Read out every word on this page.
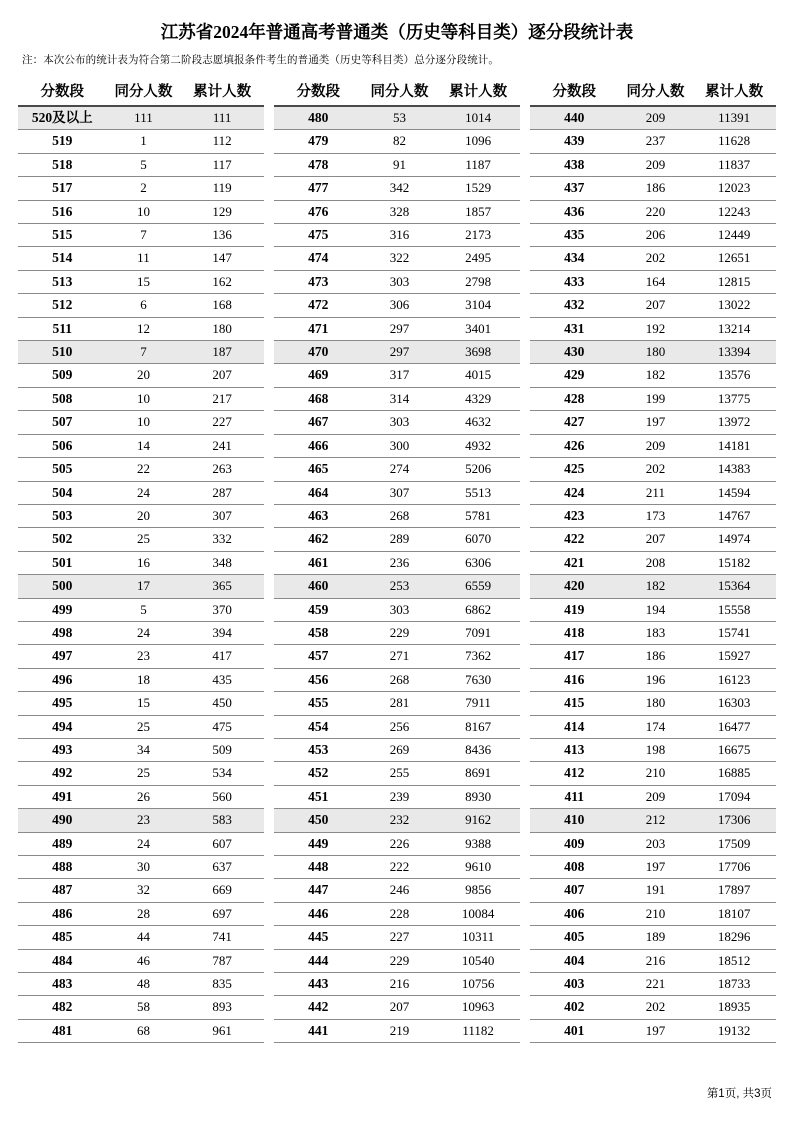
江苏省2024年普通高考普通类（历史等科目类）逐分段统计表

注：本次公布的统计表为符合第二阶段志愿填报条件考生的普通类（历史等科目类）总分逐分段统计。

分数段	同分人数	累计人数
520及以上	111	111
519	1	112
518	5	117
517	2	119
516	10	129
515	7	136
514	11	147
513	15	162
512	6	168
511	12	180
510	7	187
509	20	207
508	10	217
507	10	227
506	14	241
505	22	263
504	24	287
503	20	307
502	25	332
501	16	348
500	17	365
499	5	370
498	24	394
497	23	417
496	18	435
495	15	450
494	25	475
493	34	509
492	25	534
491	26	560
490	23	583
489	24	607
488	30	637
487	32	669
486	28	697
485	44	741
484	46	787
483	48	835
482	58	893
481	68	961
分数段	同分人数	累计人数
480	53	1014
479	82	1096
478	91	1187
477	342	1529
476	328	1857
475	316	2173
474	322	2495
473	303	2798
472	306	3104
471	297	3401
470	297	3698
469	317	4015
468	314	4329
467	303	4632
466	300	4932
465	274	5206
464	307	5513
463	268	5781
462	289	6070
461	236	6306
460	253	6559
459	303	6862
458	229	7091
457	271	7362
456	268	7630
455	281	7911
454	256	8167
453	269	8436
452	255	8691
451	239	8930
450	232	9162
449	226	9388
448	222	9610
447	246	9856
446	228	10084
445	227	10311
444	229	10540
443	216	10756
442	207	10963
441	219	11182
分数段	同分人数	累计人数
440	209	11391
439	237	11628
438	209	11837
437	186	12023
436	220	12243
435	206	12449
434	202	12651
433	164	12815
432	207	13022
431	192	13214
430	180	13394
429	182	13576
428	199	13775
427	197	13972
426	209	14181
425	202	14383
424	211	14594
423	173	14767
422	207	14974
421	208	15182
420	182	15364
419	194	15558
418	183	15741
417	186	15927
416	196	16123
415	180	16303
414	174	16477
413	198	16675
412	210	16885
411	209	17094
410	212	17306
409	203	17509
408	197	17706
407	191	17897
406	210	18107
405	189	18296
404	216	18512
403	221	18733
402	202	18935
401	197	19132
第1页, 共3页
